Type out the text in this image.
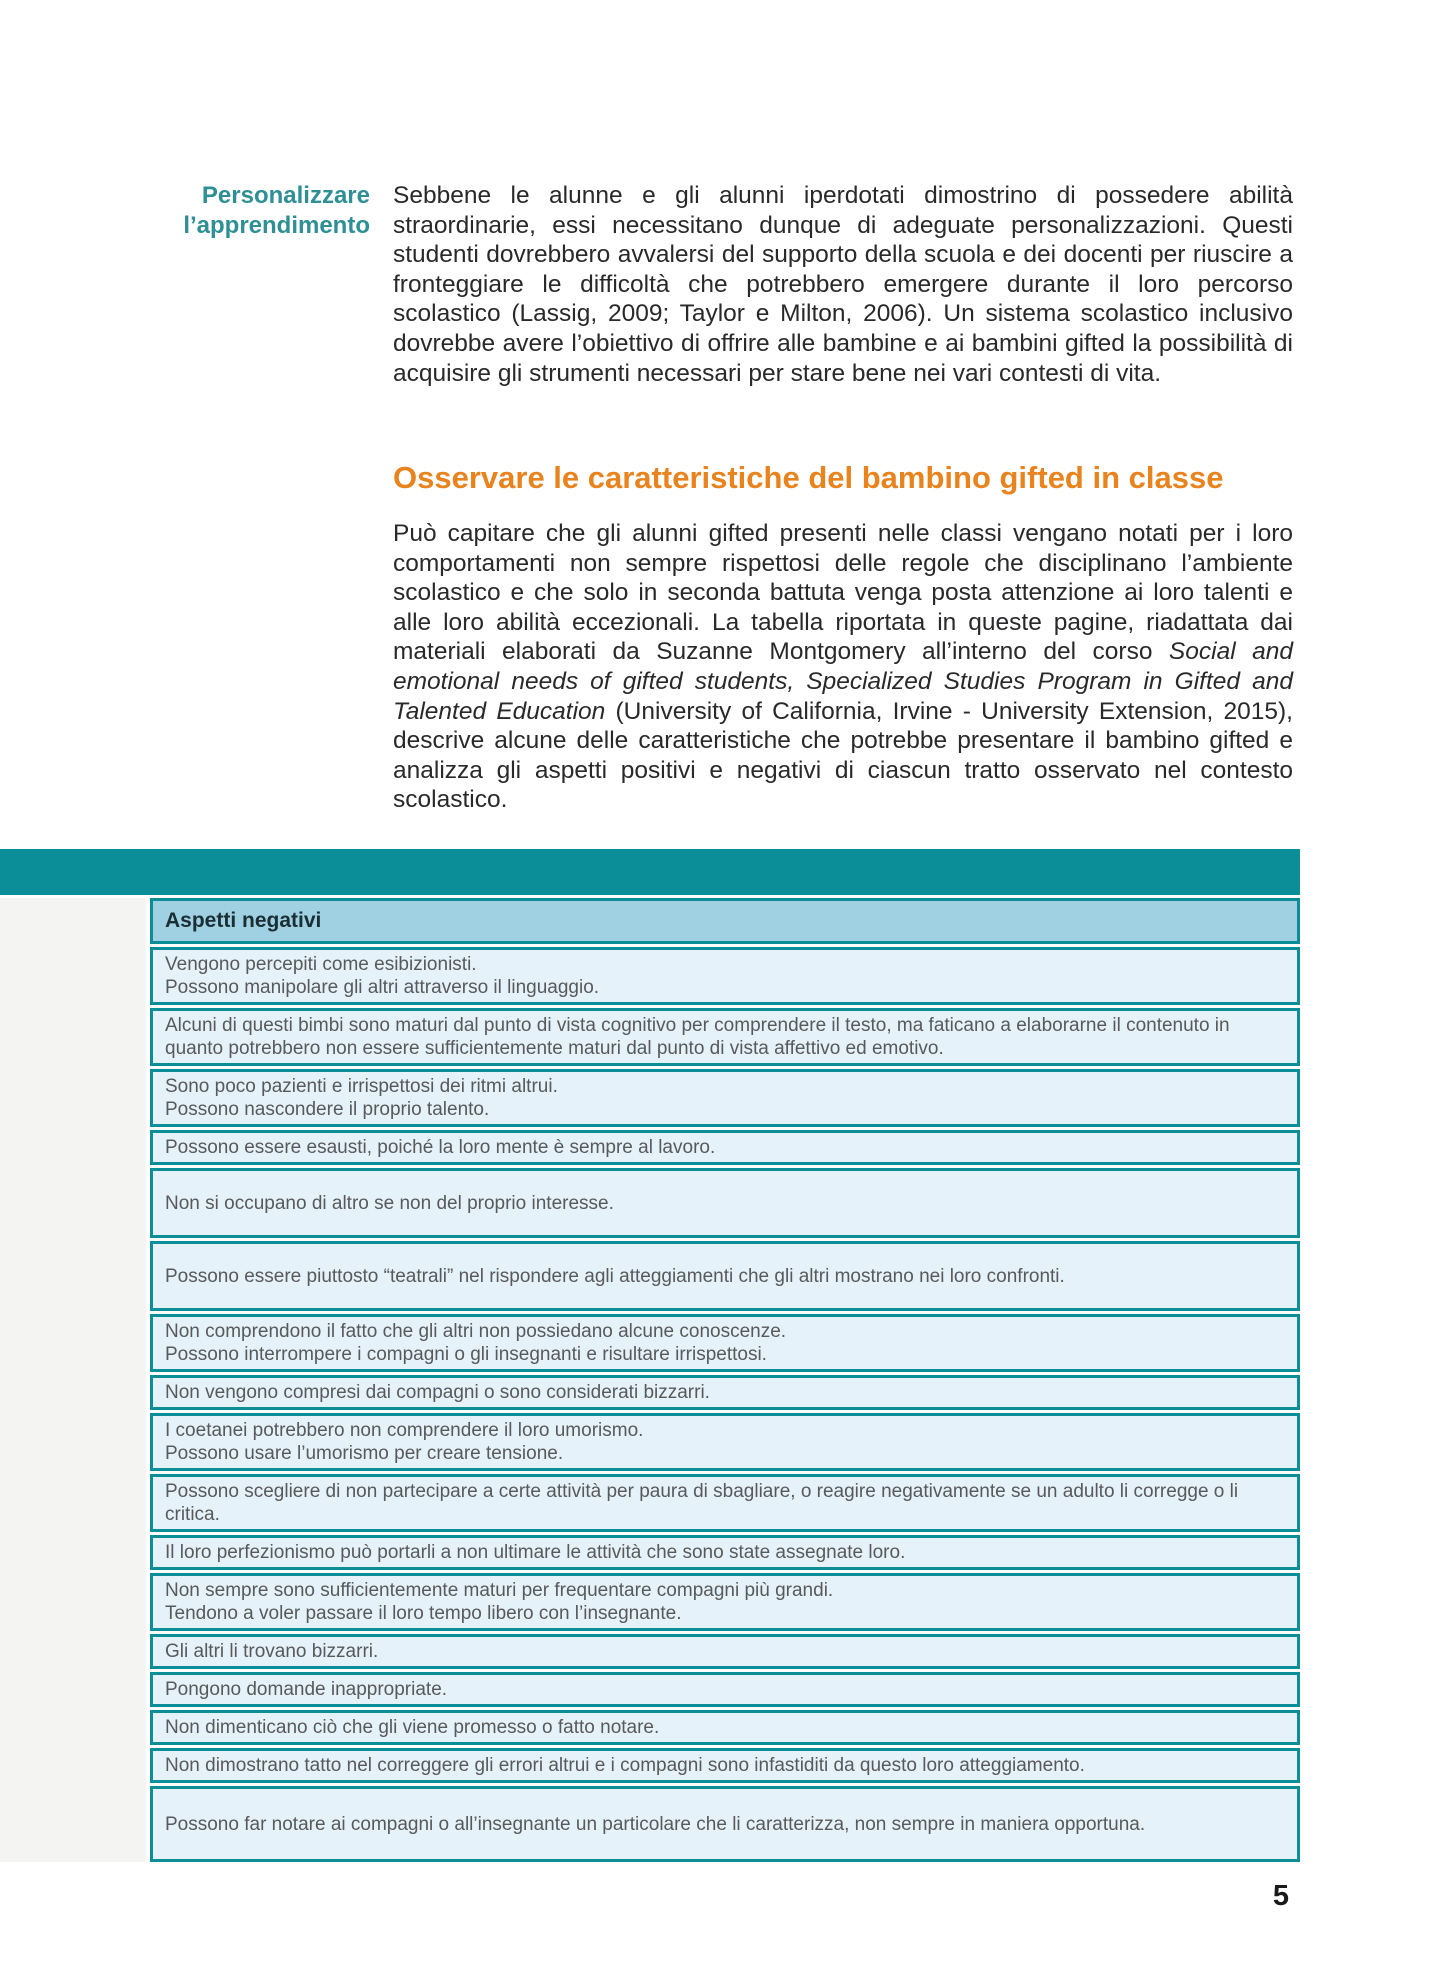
Personalizzare
l’apprendimento
Sebbene le alunne e gli alunni iperdotati dimostrino di possedere abilità straordinarie, essi necessitano dunque di adeguate personalizzazioni. Questi studenti dovrebbero avvalersi del supporto della scuola e dei docenti per riuscire a fronteggiare le difficoltà che potrebbero emergere durante il loro percorso scolastico (Lassig, 2009; Taylor e Milton, 2006). Un sistema scolastico inclusivo dovrebbe avere l’obiettivo di offrire alle bambine e ai bambini gifted la possibilità di acquisire gli strumenti necessari per stare bene nei vari contesti di vita.
Osservare le caratteristiche del bambino gifted in classe
Può capitare che gli alunni gifted presenti nelle classi vengano notati per i loro comportamenti non sempre rispettosi delle regole che disciplinano l’ambiente scolastico e che solo in seconda battuta venga posta attenzione ai loro talenti e alle loro abilità eccezionali. La tabella riportata in queste pagine, riadattata dai materiali elaborati da Suzanne Montgomery all’interno del corso Social and emotional needs of gifted students, Specialized Studies Program in Gifted and Talented Education (University of California, Irvine - University Extension, 2015), descrive alcune delle caratteristiche che potrebbe presentare il bambino gifted e analizza gli aspetti positivi e negativi di ciascun tratto osservato nel contesto scolastico.
Aspetti negativi
Vengono percepiti come esibizionisti.
Possono manipolare gli altri attraverso il linguaggio.
Alcuni di questi bimbi sono maturi dal punto di vista cognitivo per comprendere il testo, ma faticano a elaborarne il contenuto in quanto potrebbero non essere sufficientemente maturi dal punto di vista affettivo ed emotivo.
Sono poco pazienti e irrispettosi dei ritmi altrui.
Possono nascondere il proprio talento.
Possono essere esausti, poiché la loro mente è sempre al lavoro.
Non si occupano di altro se non del proprio interesse.
Possono essere piuttosto “teatrali” nel rispondere agli atteggiamenti che gli altri mostrano nei loro confronti.
Non comprendono il fatto che gli altri non possiedano alcune conoscenze.
Possono interrompere i compagni o gli insegnanti e risultare irrispettosi.
Non vengono compresi dai compagni o sono considerati bizzarri.
I coetanei potrebbero non comprendere il loro umorismo.
Possono usare l’umorismo per creare tensione.
Possono scegliere di non partecipare a certe attività per paura di sbagliare, o reagire negativamente se un adulto li corregge o li critica.
Il loro perfezionismo può portarli a non ultimare le attività che sono state assegnate loro.
Non sempre sono sufficientemente maturi per frequentare compagni più grandi.
Tendono a voler passare il loro tempo libero con l’insegnante.
Gli altri li trovano bizzarri.
Pongono domande inappropriate.
Non dimenticano ciò che gli viene promesso o fatto notare.
Non dimostrano tatto nel correggere gli errori altrui e i compagni sono infastiditi da questo loro atteggiamento.
Possono far notare ai compagni o all’insegnante un particolare che li caratterizza, non sempre in maniera opportuna.
5
